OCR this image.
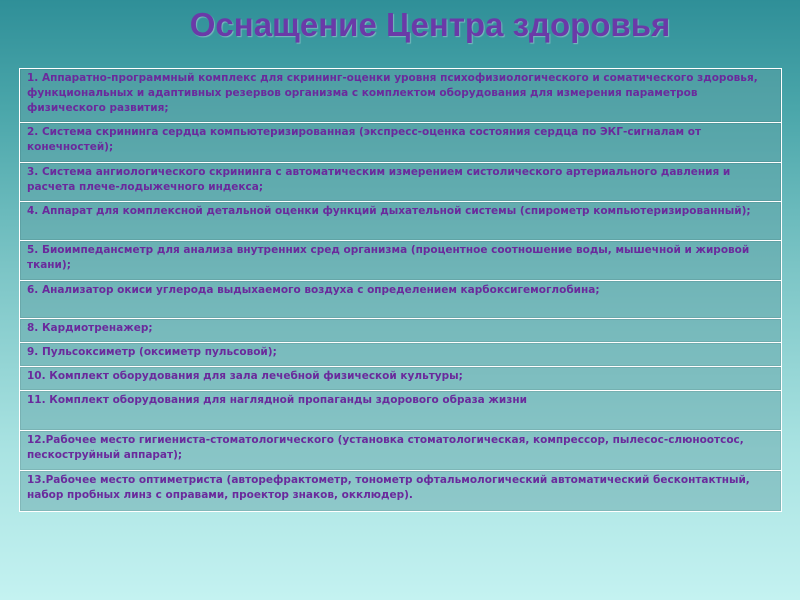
Оснащение Центра здоровья
1. Аппаратно-программный комплекс для скрининг-оценки уровня психофизиологического и соматического здоровья, функциональных и адаптивных резервов организма с комплектом оборудования для измерения параметров физического развития;
2. Система скрининга сердца компьютеризированная (экспресс-оценка состояния сердца по ЭКГ-сигналам от конечностей);
3. Система ангиологического скрининга с автоматическим измерением систолического артериального давления и расчета плече-лодыжечного индекса;
4. Аппарат для комплексной детальной оценки функций дыхательной системы (спирометр компьютеризированный);
5. Биоимпедансметр для анализа внутренних сред организма (процентное соотношение воды, мышечной и жировой ткани);
6. Анализатор окиси углерода выдыхаемого воздуха с определением карбоксигемоглобина;
8. Кардиотренажер;
9. Пульсоксиметр (оксиметр пульсовой);
10. Комплект оборудования для зала лечебной физической культуры;
11. Комплект оборудования для наглядной пропаганды здорового образа жизни
12.Рабочее место гигиениста-стоматологического (установка стоматологическая, компрессор, пылесос-слюноотсос, пескоструйный аппарат);
13.Рабочее место оптиметриста (авторефрактометр, тонометр офтальмологический автоматический бесконтактный, набор пробных линз с оправами, проектор знаков, окклюдер).
